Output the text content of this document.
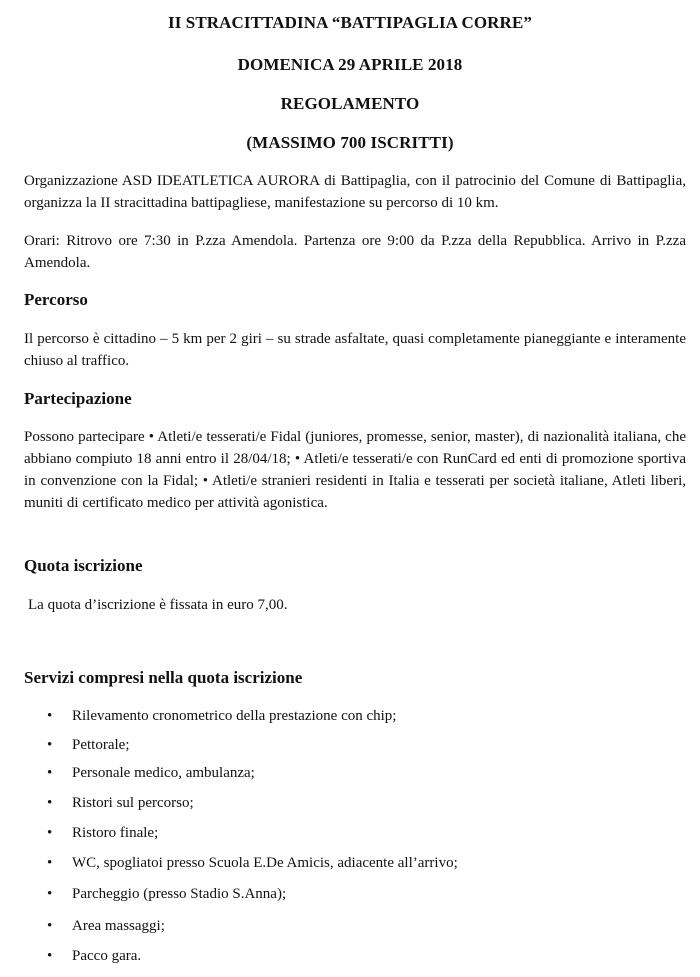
II STRACITTADINA “BATTIPAGLIA CORRE”
DOMENICA 29 APRILE 2018
REGOLAMENTO
(MASSIMO 700 ISCRITTI)
Organizzazione ASD IDEATLETICA AURORA di Battipaglia, con il patrocinio del Comune di Battipaglia, organizza la II stracittadina battipagliese, manifestazione su percorso di 10 km.
Orari: Ritrovo ore 7:30 in P.zza Amendola. Partenza ore 9:00 da P.zza della Repubblica. Arrivo in P.zza Amendola.
Percorso
Il percorso è cittadino – 5 km per 2 giri – su strade asfaltate, quasi completamente pianeggiante e interamente chiuso al traffico.
Partecipazione
Possono partecipare • Atleti/e tesserati/e Fidal (juniores, promesse, senior, master), di nazionalità italiana, che abbiano compiuto 18 anni entro il 28/04/18; • Atleti/e tesserati/e con RunCard ed enti di promozione sportiva in convenzione con la Fidal; • Atleti/e stranieri residenti in Italia e tesserati per società italiane, Atleti liberi, muniti di certificato medico per attività agonistica.
Quota iscrizione
La quota d’iscrizione è fissata in euro 7,00.
Servizi compresi nella quota iscrizione
• Rilevamento cronometrico della prestazione con chip;
• Pettorale;
• Personale medico, ambulanza;
• Ristori sul percorso;
• Ristoro finale;
• WC, spogliatoi presso Scuola E.De Amicis, adiacente all’arrivo;
• Parcheggio (presso Stadio S.Anna);
• Area massaggi;
• Pacco gara.
